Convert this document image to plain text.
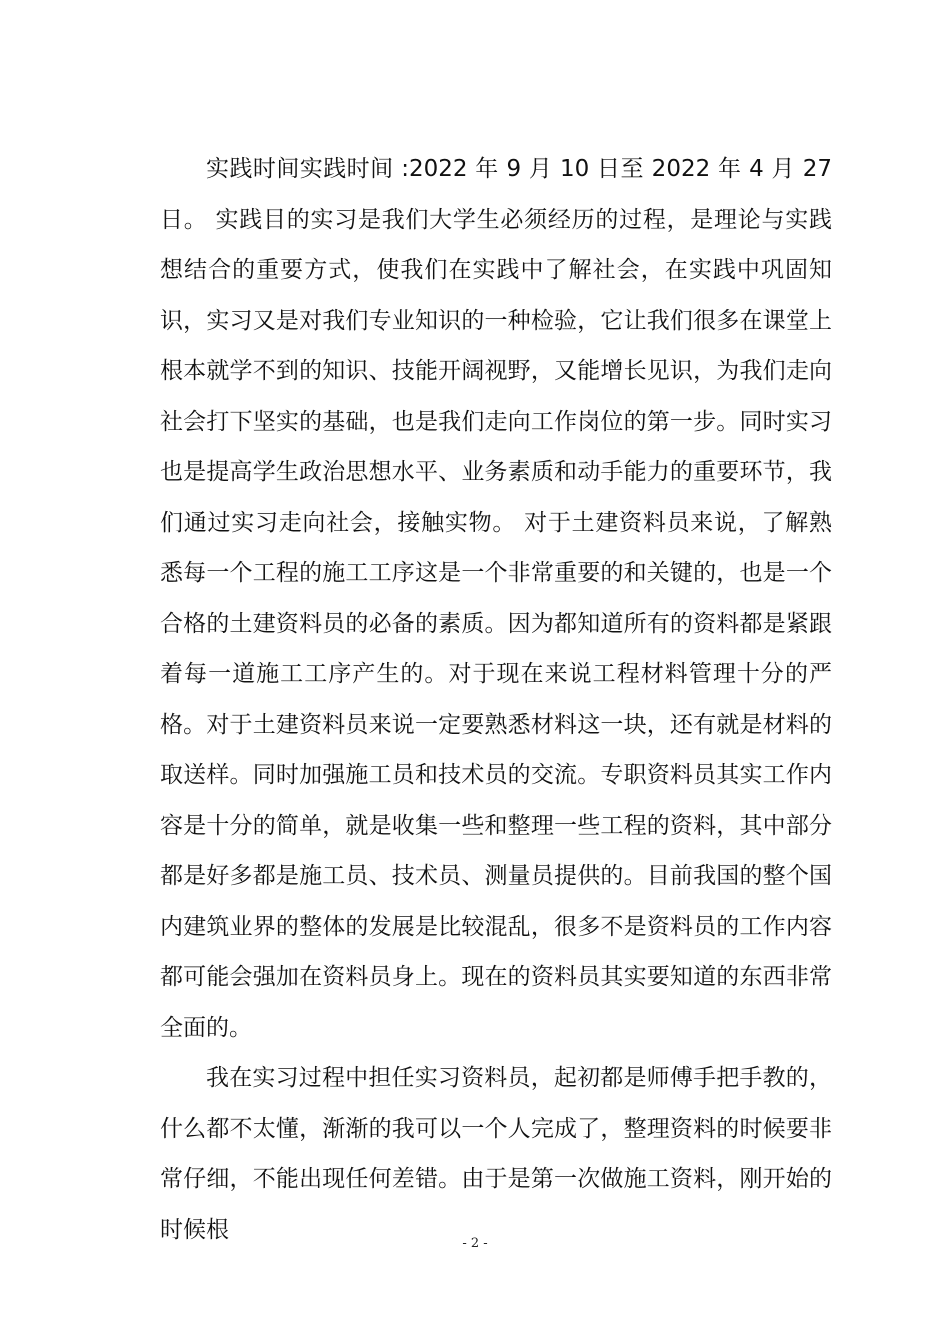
实践时间实践时间 :2022 年 9 月 10 日至 2022 年 4 月 27 日。 实践目的实习是我们大学生必须经历的过程，是理论与实践想结合的重要方式，使我们在实践中了解社会，在实践中巩固知识，实习又是对我们专业知识的一种检验，它让我们很多在课堂上根本就学不到的知识、技能开阔视野，又能增长见识，为我们走向社会打下坚实的基础，也是我们走向工作岗位的第一步。同时实习也是提高学生政治思想水平、业务素质和动手能力的重要环节，我们通过实习走向社会，接触实物。 对于土建资料员来说，了解熟悉每一个工程的施工工序这是一个非常重要的和关键的，也是一个合格的土建资料员的必备的素质。因为都知道所有的资料都是紧跟着每一道施工工序产生的。对于现在来说工程材料管理十分的严格。对于土建资料员来说一定要熟悉材料这一块，还有就是材料的取送样。同时加强施工员和技术员的交流。专职资料员其实工作内容是十分的简单，就是收集一些和整理一些工程的资料，其中部分都是好多都是施工员、技术员、测量员提供的。目前我国的整个国内建筑业界的整体的发展是比较混乱，很多不是资料员的工作内容都可能会强加在资料员身上。现在的资料员其实要知道的东西非常全面的。

我在实习过程中担任实习资料员，起初都是师傅手把手教的，什么都不太懂，渐渐的我可以一个人完成了，整理资料的时候要非常仔细，不能出现任何差错。由于是第一次做施工资料，刚开始的时候根

- 2 -
